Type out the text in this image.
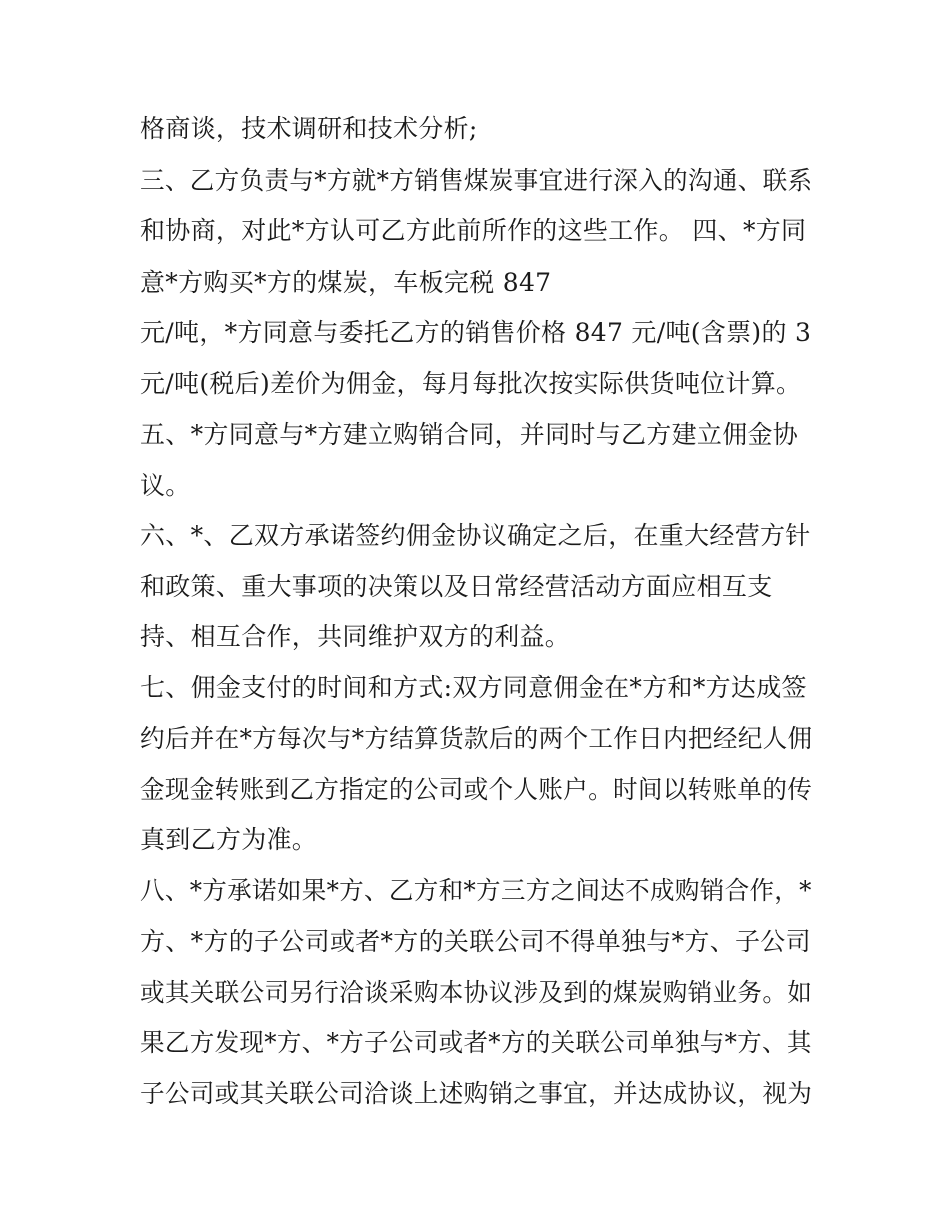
格商谈，技术调研和技术分析;
三、乙方负责与*方就*方销售煤炭事宜进行深入的沟通、联系
和协商，对此*方认可乙方此前所作的这些工作。 四、*方同
意*方购买*方的煤炭，车板完税 847
元/吨，*方同意与委托乙方的销售价格 847 元/吨(含票)的 3
元/吨(税后)差价为佣金，每月每批次按实际供货吨位计算。
五、*方同意与*方建立购销合同，并同时与乙方建立佣金协
议。
六、*、乙双方承诺签约佣金协议确定之后，在重大经营方针
和政策、重大事项的决策以及日常经营活动方面应相互支
持、相互合作，共同维护双方的利益。
七、佣金支付的时间和方式:双方同意佣金在*方和*方达成签
约后并在*方每次与*方结算货款后的两个工作日内把经纪人佣
金现金转账到乙方指定的公司或个人账户。时间以转账单的传
真到乙方为准。
八、*方承诺如果*方、乙方和*方三方之间达不成购销合作，*
方、*方的子公司或者*方的关联公司不得单独与*方、子公司
或其关联公司另行洽谈采购本协议涉及到的煤炭购销业务。如
果乙方发现*方、*方子公司或者*方的关联公司单独与*方、其
子公司或其关联公司洽谈上述购销之事宜，并达成协议，视为
